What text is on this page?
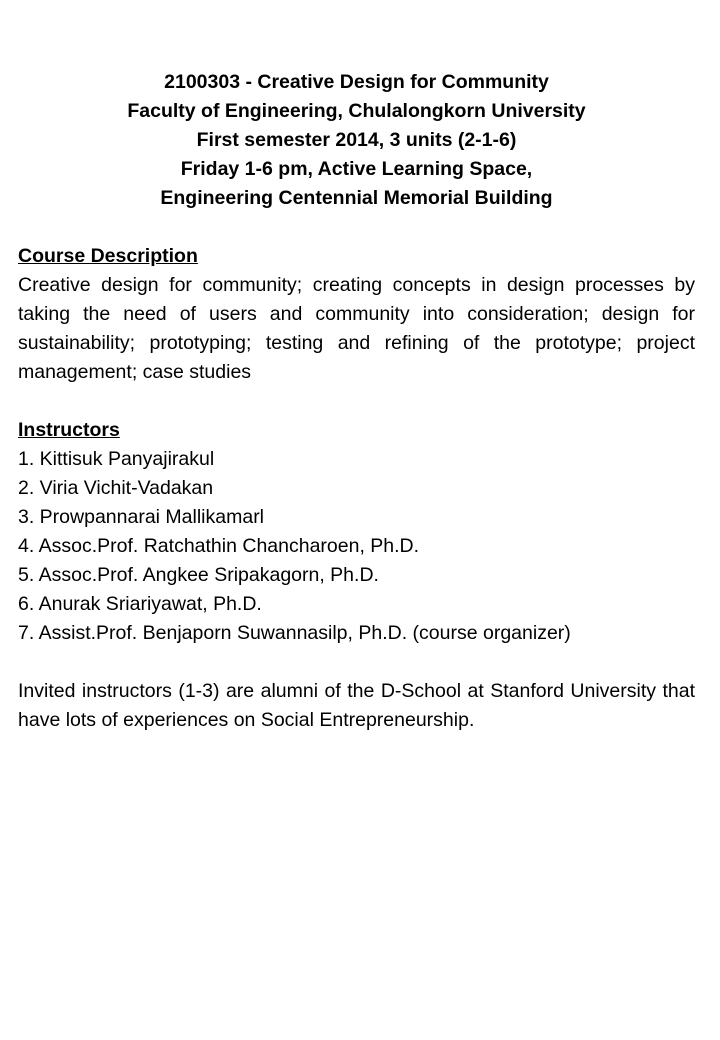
2100303 - Creative Design for Community
Faculty of Engineering, Chulalongkorn University
First semester 2014, 3 units (2-1-6)
Friday 1-6 pm, Active Learning Space,
Engineering Centennial Memorial Building
Course Description
Creative design for community; creating concepts in design processes by taking the need of users and community into consideration; design for sustainability; prototyping; testing and refining of the prototype; project management; case studies
Instructors
1. Kittisuk Panyajirakul
2. Viria Vichit-Vadakan
3. Prowpannarai Mallikamarl
4. Assoc.Prof. Ratchathin Chancharoen, Ph.D.
5. Assoc.Prof. Angkee Sripakagorn, Ph.D.
6. Anurak Sriariyawat, Ph.D.
7. Assist.Prof. Benjaporn Suwannasilp, Ph.D. (course organizer)
Invited instructors (1-3) are alumni of the D-School at Stanford University that have lots of experiences on Social Entrepreneurship.
